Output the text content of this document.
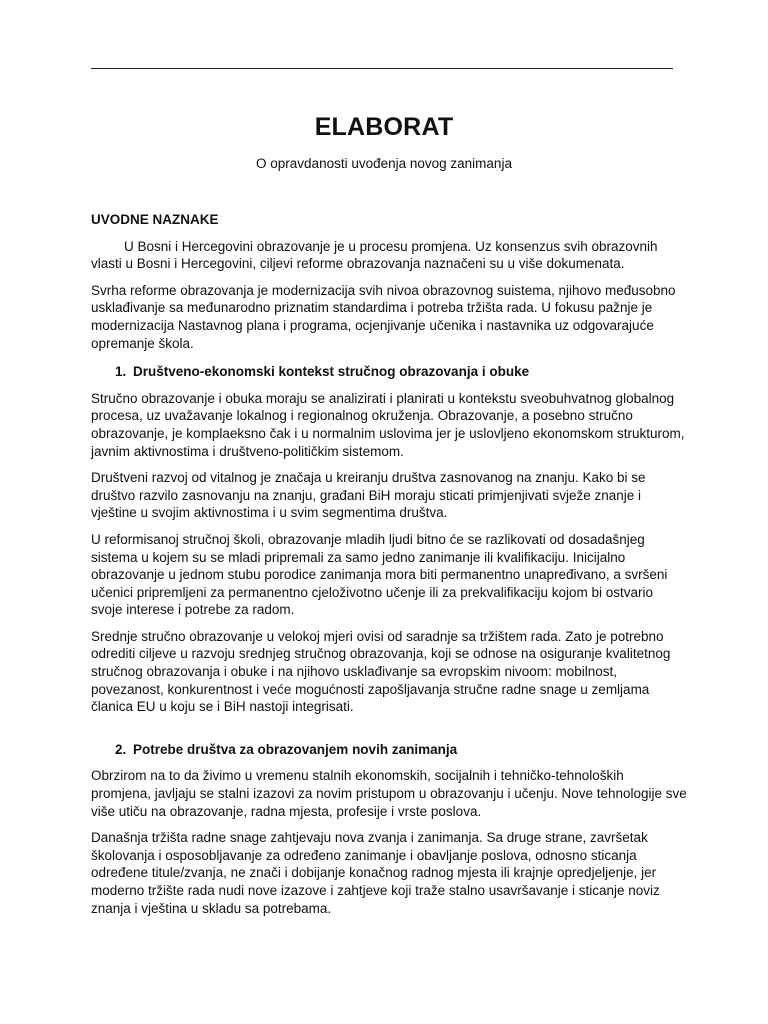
ELABORAT
O opravdanosti uvođenja novog zanimanja
UVODNE NAZNAKE

U Bosni i Hercegovini obrazovanje je u procesu promjena. Uz konsenzus svih obrazovnih vlasti u Bosni i Hercegovini, ciljevi reforme obrazovanja naznačeni su u više dokumenata.

Svrha reforme obrazovanja je modernizacija svih nivoa obrazovnog suistema, njihovo međusobno usklađivanje sa međunarodno priznatim standardima i potreba tržišta rada. U fokusu pažnje je modernizacija Nastavnog plana i programa, ocjenjivanje učenika i nastavnika uz odgovarajuće opremanje škola.

1. Društveno-ekonomski kontekst stručnog obrazovanja i obuke

Stručno obrazovanje i obuka moraju se analizirati i planirati u kontekstu sveobuhvatnog globalnog procesa, uz uvažavanje lokalnog i regionalnog okruženja. Obrazovanje, a posebno stručno obrazovanje, je komplaeksno čak i u normalnim uslovima jer je uslovljeno ekonomskom strukturom, javnim aktivnostima i društveno-političkim sistemom.

Društveni razvoj od vitalnog je značaja u kreiranju društva zasnovanog na znanju. Kako bi se društvo razvilo zasnovanju na znanju, građani BiH moraju sticati primjenjivati svježe znanje i vještine u svojim aktivnostima i u svim segmentima društva.

U reformisanoj stručnoj školi, obrazovanje mladih ljudi bitno će se razlikovati od dosadašnjeg sistema u kojem su se mladi pripremali za samo jedno zanimanje ili kvalifikaciju. Inicijalno obrazovanje u jednom stubu porodice zanimanja mora biti permanentno unapređivano, a svršeni učenici pripremljeni za permanentno cjeloživotno učenje ili za prekvalifikaciju kojom bi ostvario svoje interese i potrebe za radom.

Srednje stručno obrazovanje u velokoj mjeri ovisi od saradnje sa tržištem rada. Zato je potrebno odrediti ciljeve u razvoju srednjeg stručnog obrazovanja, koji se odnose na osiguranje kvalitetnog stručnog obrazovanja i obuke i na njihovo usklađivanje sa evropskim nivoom: mobilnost, povezanost, konkurentnost i veće mogućnosti zapošljavanja stručne radne snage u zemljama članica EU u koju se i BiH nastoji integrisati.

2. Potrebe društva za obrazovanjem novih zanimanja

Obrzirom na to da živimo u vremenu stalnih ekonomskih, socijalnih i tehničko-tehnoloških promjena, javljaju se stalni izazovi za novim pristupom u obrazovanju i učenju. Nove tehnologije sve više utiču na obrazovanje, radna mjesta, profesije i vrste poslova.

Današnja tržišta radne snage zahtjevaju nova zvanja i zanimanja. Sa druge strane, završetak školovanja i osposobljavanje za određeno zanimanje i obavljanje poslova, odnosno sticanja određene titule/zvanja, ne znači i dobijanje konačnog radnog mjesta ili krajnje opredjeljenje, jer moderno tržište rada nudi nove izazove i zahtjeve koji traže stalno usavršavanje i sticanje noviz znanja i vještina u skladu sa potrebama.
